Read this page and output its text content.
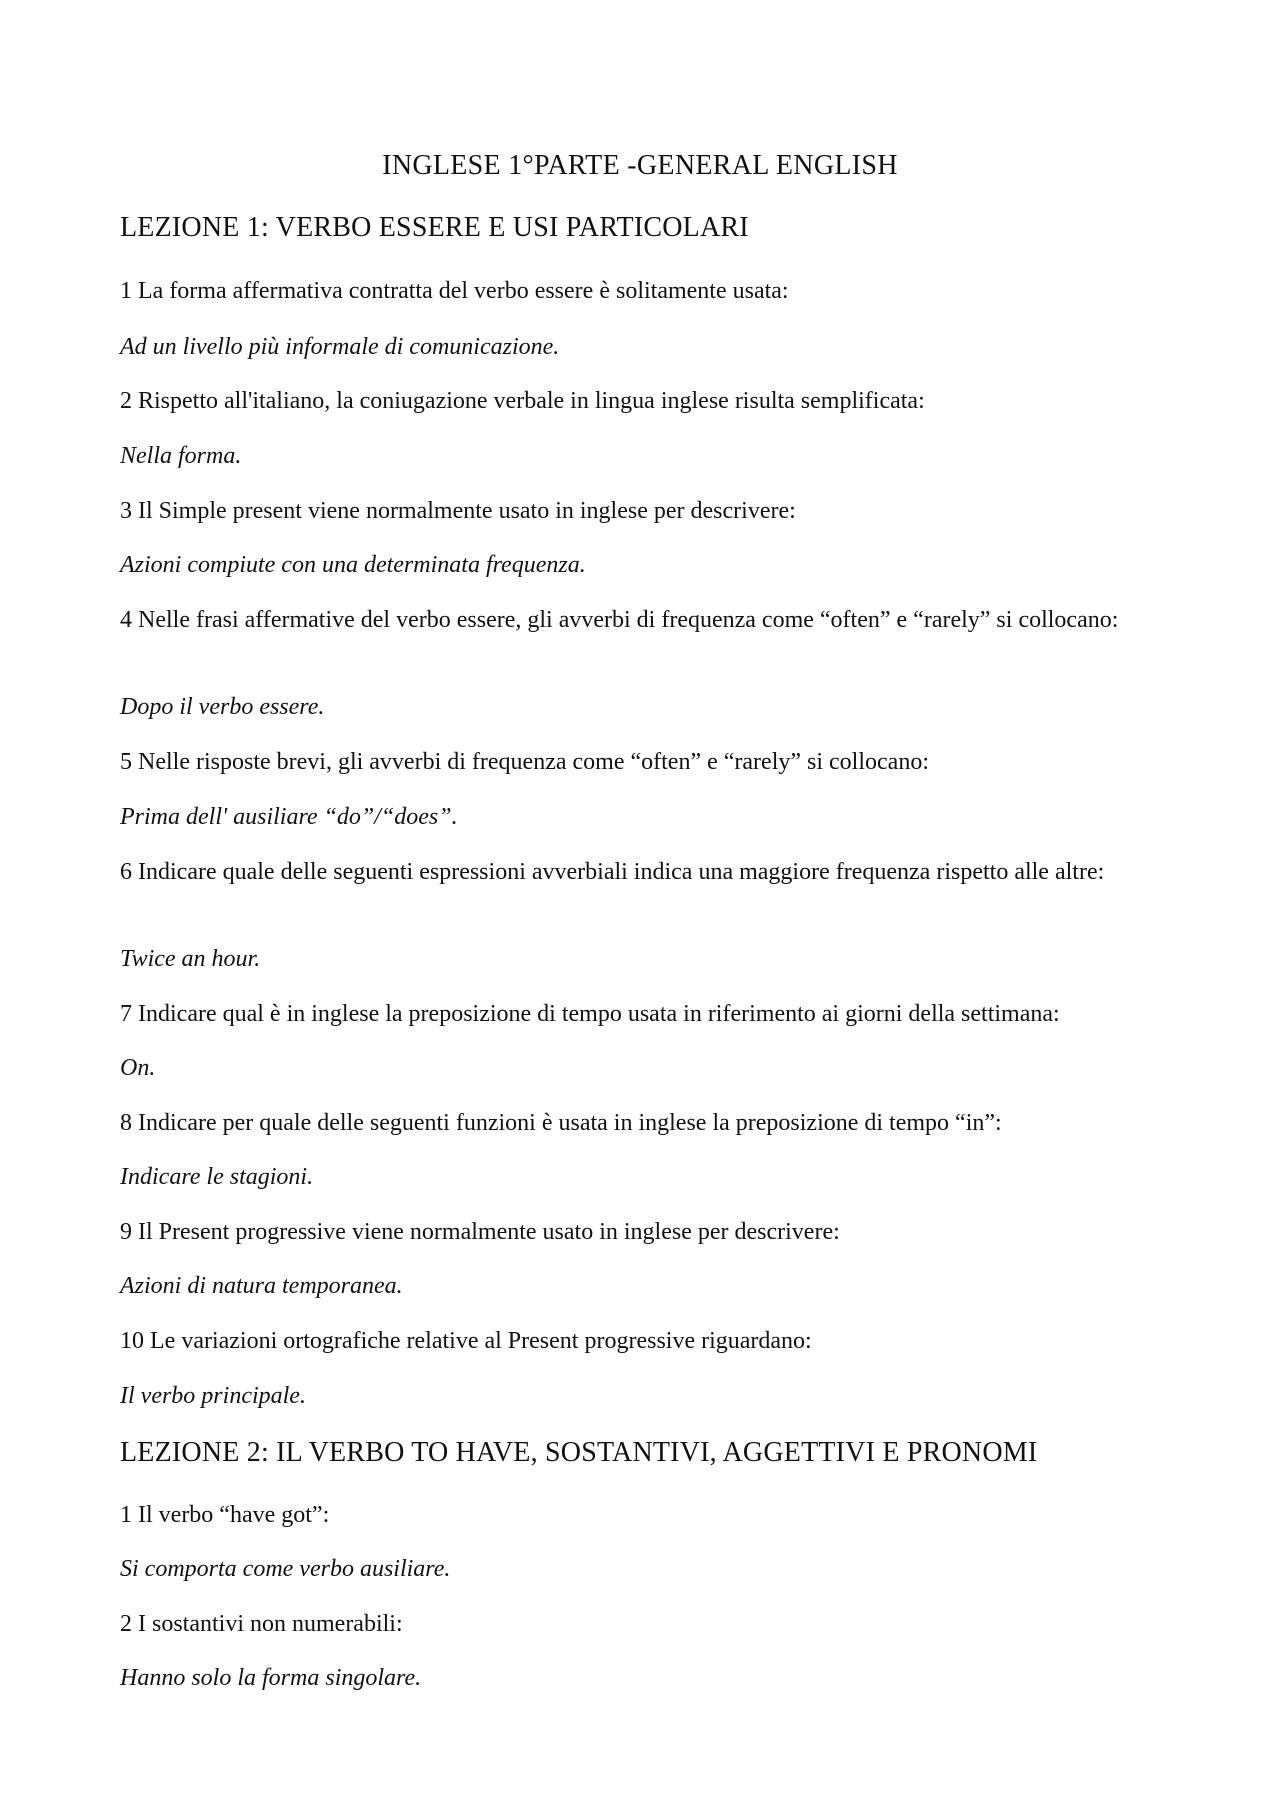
INGLESE 1°PARTE -GENERAL ENGLISH
LEZIONE 1: VERBO ESSERE E USI PARTICOLARI

1 La forma affermativa contratta del verbo essere è solitamente usata:

Ad un livello più informale di comunicazione.

2 Rispetto all'italiano, la coniugazione verbale in lingua inglese risulta semplificata:

Nella forma.

3 Il Simple present viene normalmente usato in inglese per descrivere:

Azioni compiute con una determinata frequenza.

4 Nelle frasi affermative del verbo essere, gli avverbi di frequenza come “often” e “rarely” si collocano:

Dopo il verbo essere.

5 Nelle risposte brevi, gli avverbi di frequenza come “often” e “rarely” si collocano:

Prima dell' ausiliare “do”/“does”.

6 Indicare quale delle seguenti espressioni avverbiali indica una maggiore frequenza rispetto alle altre:

Twice an hour.

7 Indicare qual è in inglese la preposizione di tempo usata in riferimento ai giorni della settimana:

On.

8 Indicare per quale delle seguenti funzioni è usata in inglese la preposizione di tempo “in”:

Indicare le stagioni.

9 Il Present progressive viene normalmente usato in inglese per descrivere:

Azioni di natura temporanea.

10 Le variazioni ortografiche relative al Present progressive riguardano:

Il verbo principale.

LEZIONE 2: IL VERBO TO HAVE, SOSTANTIVI, AGGETTIVI E PRONOMI

1 Il verbo “have got”:

Si comporta come verbo ausiliare.

2 I sostantivi non numerabili:

Hanno solo la forma singolare.
